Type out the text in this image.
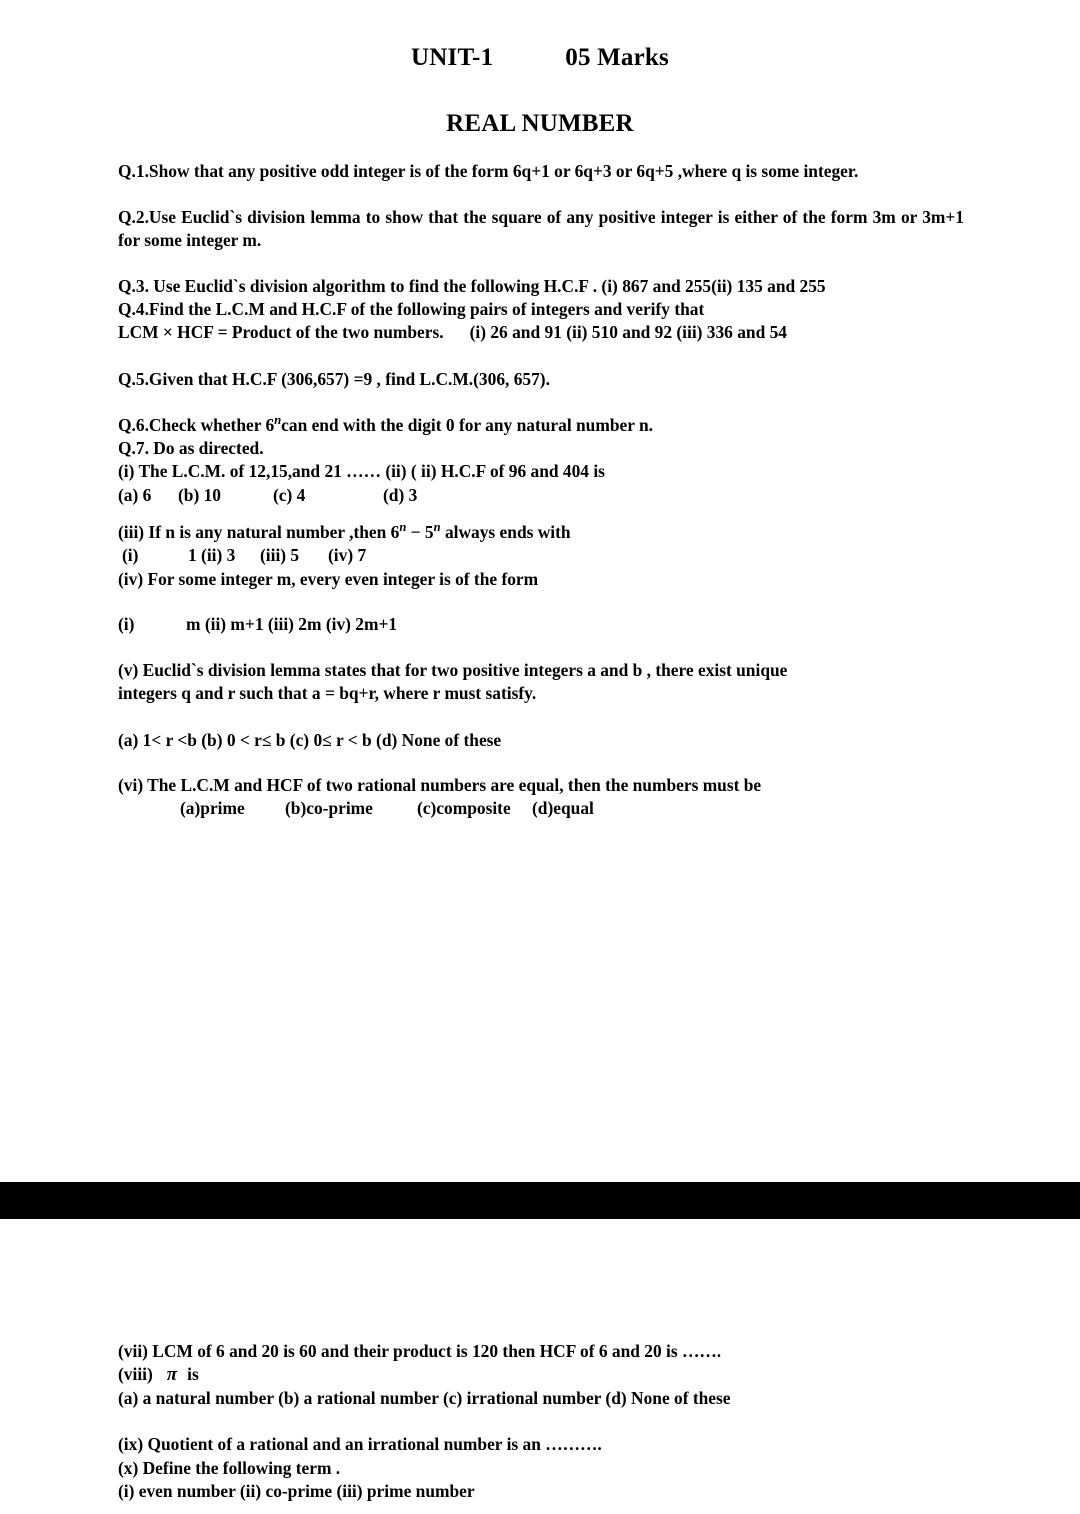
UNIT-1	05 Marks
REAL NUMBER

Q.1.Show that any positive odd integer is of the form 6q+1 or 6q+3 or 6q+5 ,where q is some integer.

Q.2.Use Euclid`s division lemma to show that the square of any positive integer is either of the form 3m or 3m+1 for some integer m.

Q.3. Use Euclid`s division algorithm to find the following H.C.F . (i) 867 and 255(ii) 135 and 255

Q.4.Find the L.C.M and H.C.F of the following pairs of integers and verify that

LCM × HCF = Product of the two numbers. (i) 26 and 91 (ii) 510 and 92 (iii) 336 and 54

Q.5.Given that H.C.F (306,657) =9 , find L.C.M.(306, 657).

Q.6.Check whether 6$^n$can end with the digit 0 for any natural number n.

Q.7. Do as directed.

(i) The L.C.M. of 12,15,and 21 …… (ii) ( ii) H.C.F of 96 and 404 is

(a) 6 (b) 10	(c) 4	(d) 3

(iii) If n is any natural number ,then $6^n - 5^n$ always ends with

(i)	1 (ii) 3 (iii) 5 (iv) 7

(iv) For some integer m, every even integer is of the form

(i)	m (ii) m+1 (iii) 2m (iv) 2m+1

(v) Euclid`s division lemma states that for two positive integers a and b , there exist unique

integers q and r such that a = bq+r, where r must satisfy.

(a) 1< r <b (b) 0 < r≤ b (c) 0≤ r < b (d) None of these

(vi) The L.C.M and HCF of two rational numbers are equal, then the numbers must be

(a)prime (b)co-prime	(c)composite (d)equal

(vii) LCM of 6 and 20 is 60 and their product is 120 then HCF of 6 and 20 is …….

(viii) π is

(a) a natural number (b) a rational number (c) irrational number (d) None of these

(ix) Quotient of a rational and an irrational number is an ……….

(x) Define the following term .

(i) even number (ii) co-prime (iii) prime number
